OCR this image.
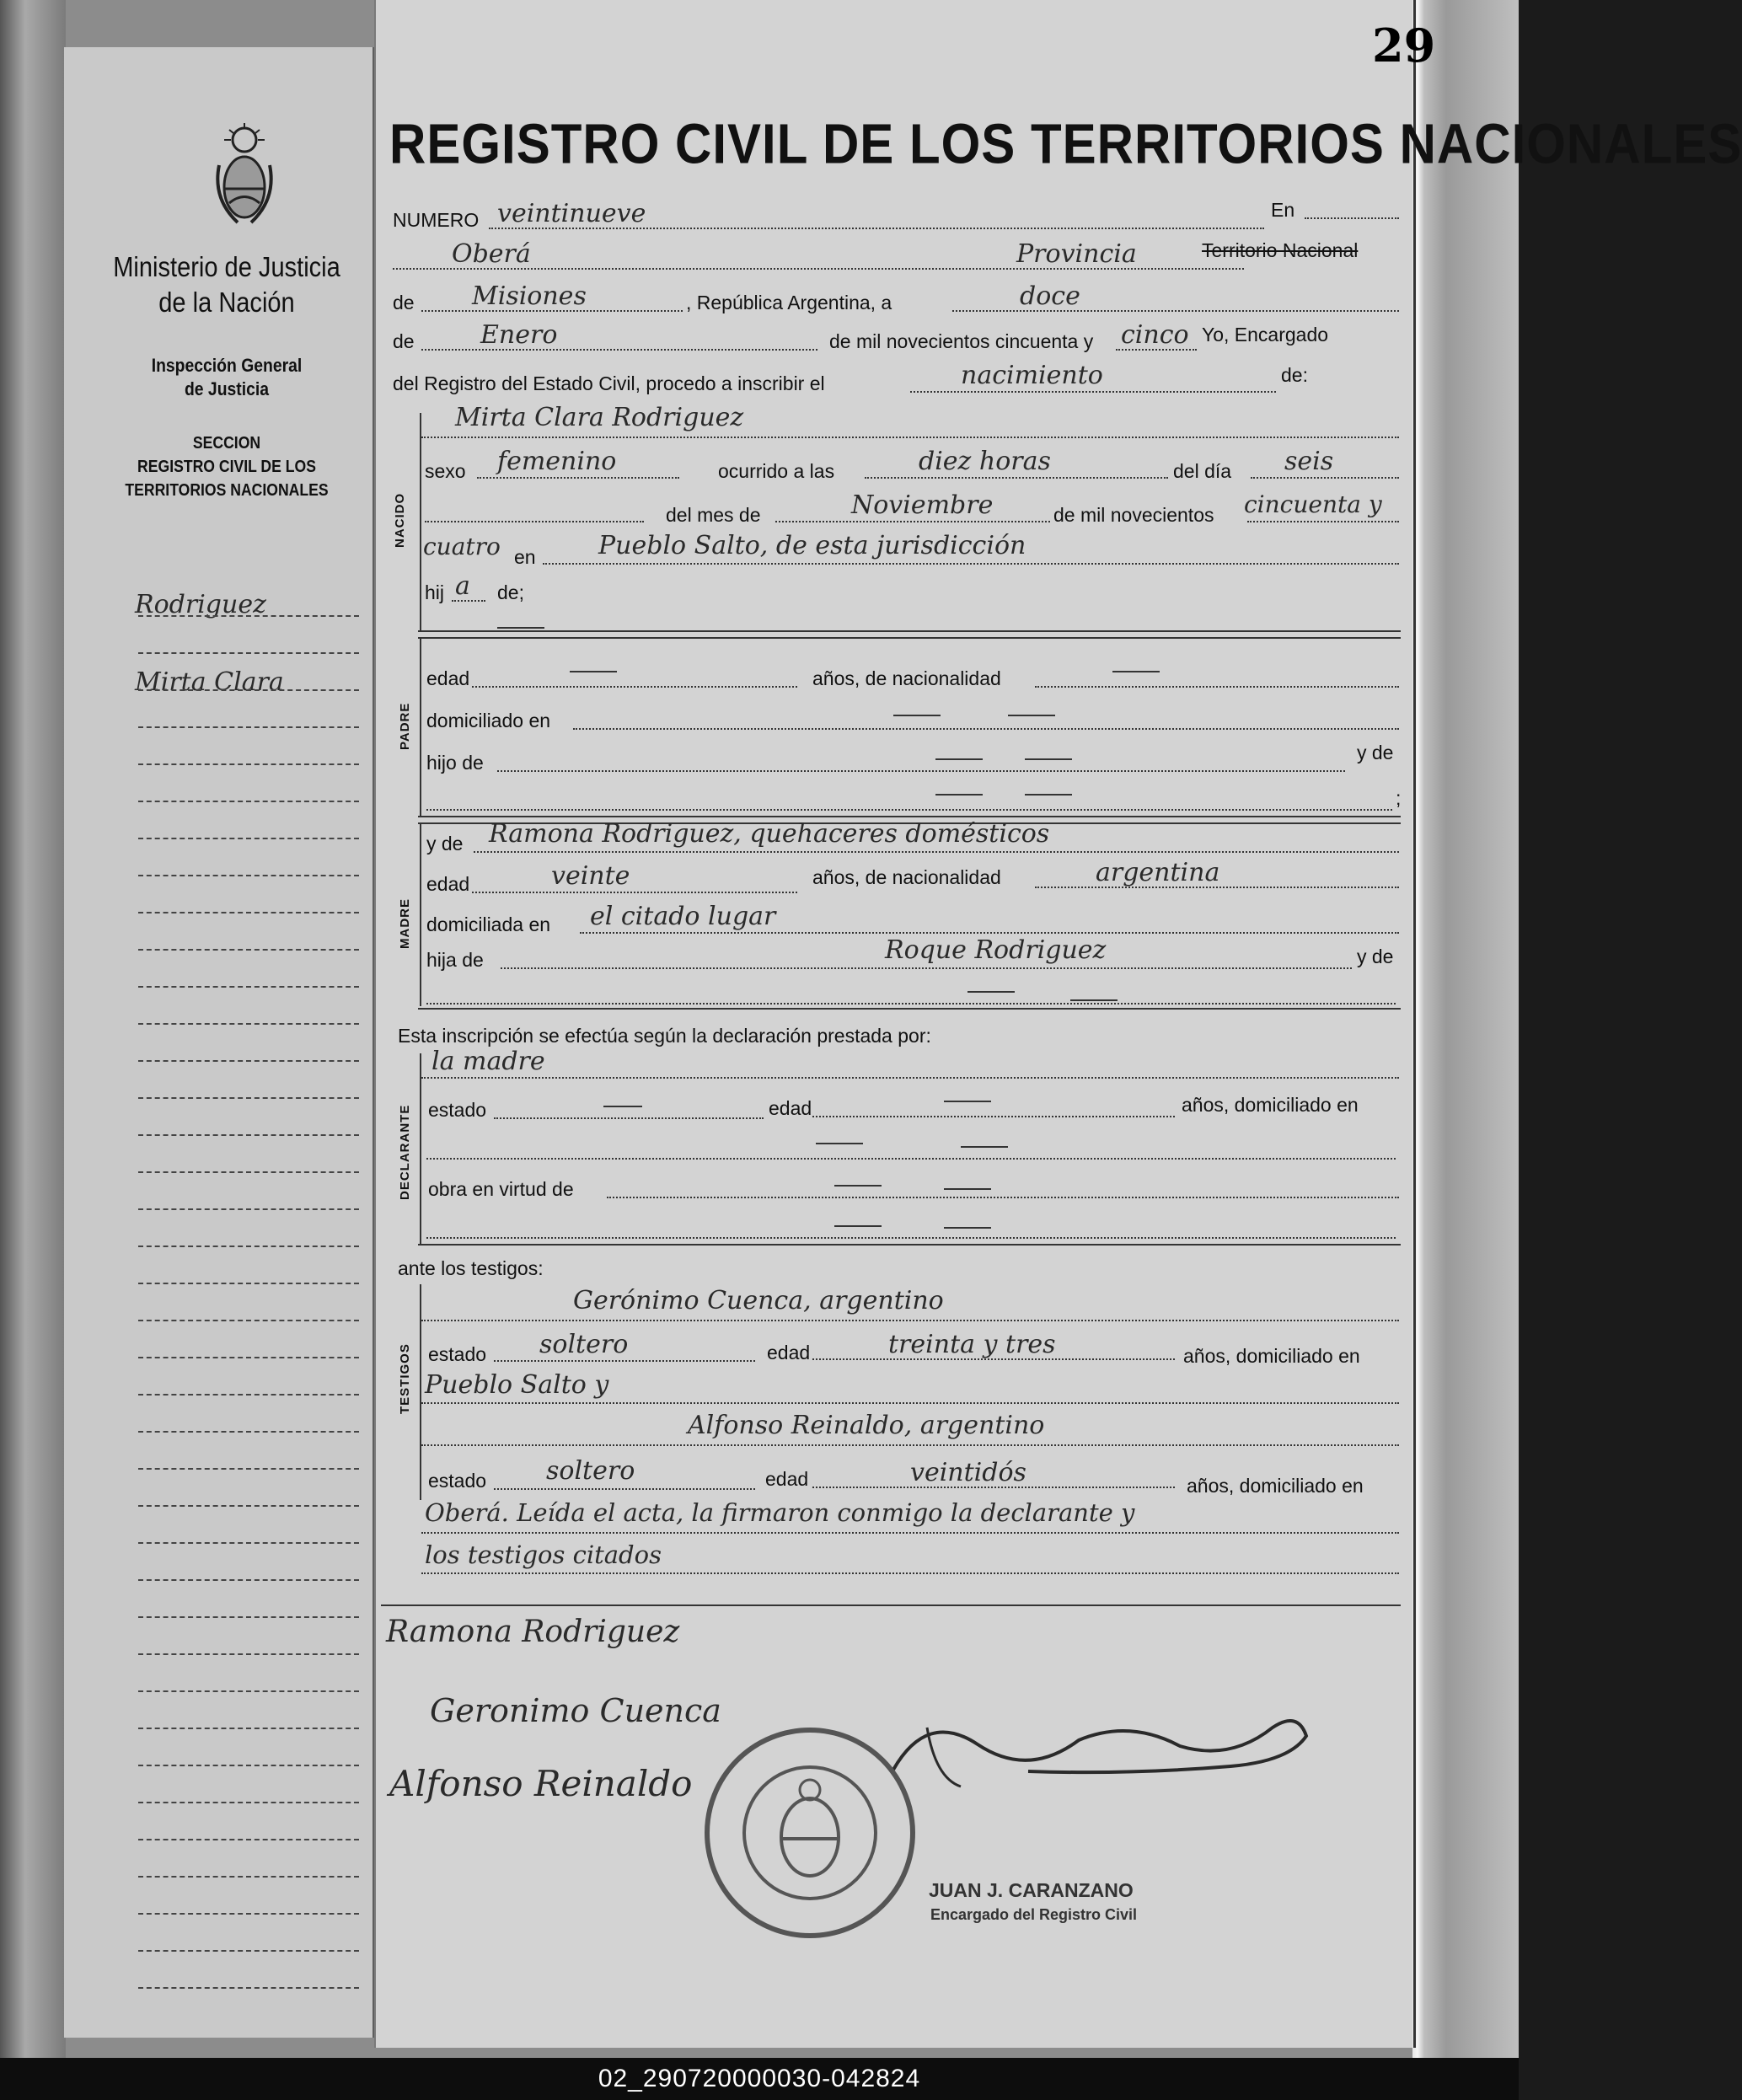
Ministerio de Justicia
de la Nación
Inspección General
de Justicia
SECCION
REGISTRO CIVIL DE LOS
TERRITORIOS NACIONALES
Rodriguez
Mirta Clara
29
REGISTRO CIVIL DE LOS TERRITORIOS NACIONALES
NUMERO veintinueve	En
Oberá	Provincia	Territorio Nacional
de Misiones	, República Argentina, a	doce
de	Enero	de mil novecientos cincuenta y cinco Yo, Encargado
del Registro del Estado Civil, procedo a inscribir el	nacimiento	de:
NACIDO
Mirta Clara Rodriguez
sexo femenino	ocurrido a las	diez horas	del día seis
del mes de	Noviembre	de mil novecientos cincuenta y
cuatro en Pueblo Salto, de esta jurisdicción
hij a de;
PADRE
edad	años, de nacionalidad
domiciliado en
hijo de	y de
;
MADRE
y de Ramona Rodriguez, quehaceres domésticos
edad	veinte	años, de nacionalidad	argentina
domiciliada en el citado lugar
hija de	Roque Rodriguez	y de
Esta inscripción se efectúa según la declaración prestada por:
DECLARANTE
la madre
estado	edad	años, domiciliado en
obra en virtud de
ante los testigos:
TESTIGOS
Gerónimo Cuenca, argentino
estado soltero	edad	treinta y tres	años, domiciliado en
Pueblo Salto y
Alfonso Reinaldo, argentino
estado soltero	edad	veintidós	años, domiciliado en
Oberá. Leída el acta, la firmaron conmigo la declarante y
los testigos citados
Ramona Rodriguez
Geronimo Cuenca
Alfonso Reinaldo
JUAN J. CARANZANO
Encargado del Registro Civil
02_290720000030-042824
